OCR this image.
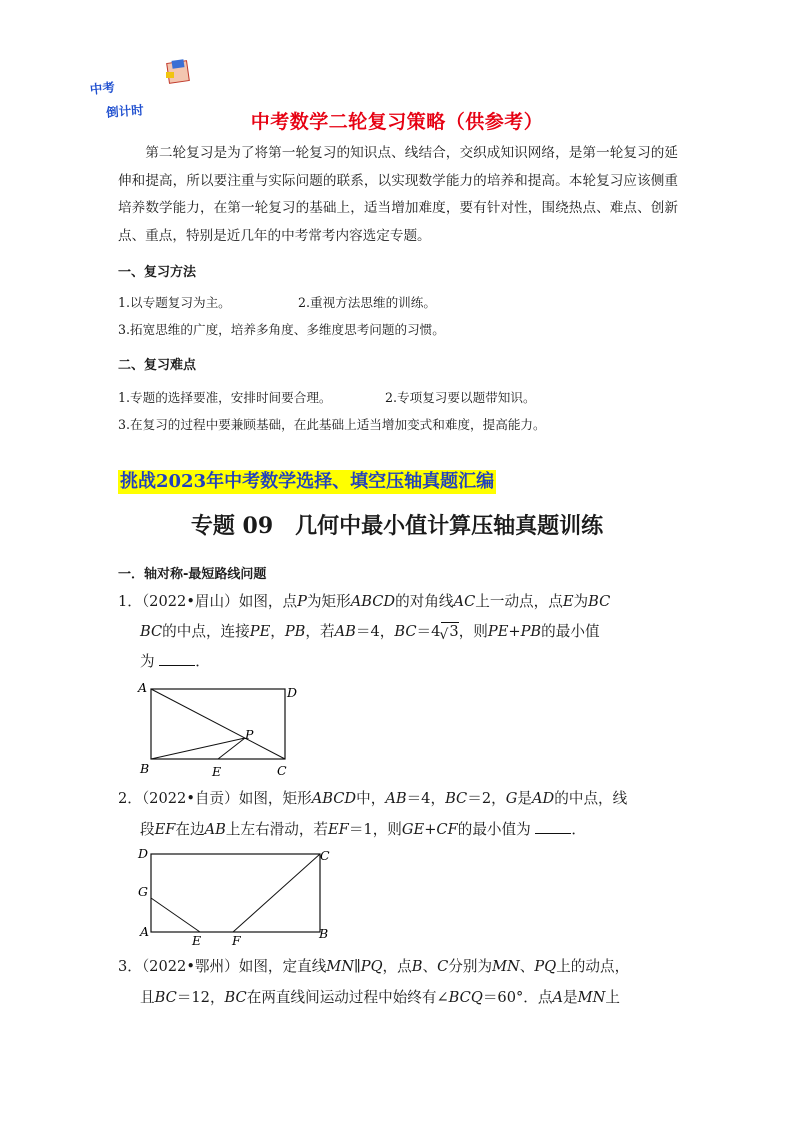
中考
倒计时	中考数学二轮复习策略（供参考）
第二轮复习是为了将第一轮复习的知识点、线结合，交织成知识网络，是第一轮复习的延伸和提高，所以要注重与实际问题的联系，以实现数学能力的培养和提高。本轮复习应该侧重培养数学能力，在第一轮复习的基础上，适当增加难度，要有针对性，围绕热点、难点、创新点、重点，特别是近几年的中考常考内容选定专题。
一、复习方法
1.以专题复习为主。	2.重视方法思维的训练。
3.拓宽思维的广度，培养多角度、多维度思考问题的习惯。
二、复习难点
1.专题的选择要准，安排时间要合理。	2.专项复习要以题带知识。
3.在复习的过程中要兼顾基础，在此基础上适当增加变式和难度，提高能力。
挑战2023年中考数学选择、填空压轴真题汇编
专题 09　几何中最小值计算压轴真题训练
一．轴对称-最短路线问题
1．（2022•眉山）如图，点P为矩形ABCD的对角线AC上一动点，点E为BC
BC的中点，连接PE，PB，若AB＝4，BC＝4 √ 3，则PE+PB的最小值
为	．
A	D
B	C
E
P
2．（2022•自贡）如图，矩形ABCD中，AB＝4，BC＝2，G是AD的中点，线
段EF在边AB上左右滑动，若EF＝1，则GE+CF的最小值为	．
D	C
G
A
E F	B
3．（2022•鄂州）如图，定直线MN∥PQ，点B、C分别为MN、PQ上的动点，
且BC＝12，BC在两直线间运动过程中始终有∠BCQ＝60°．点A是MN上
